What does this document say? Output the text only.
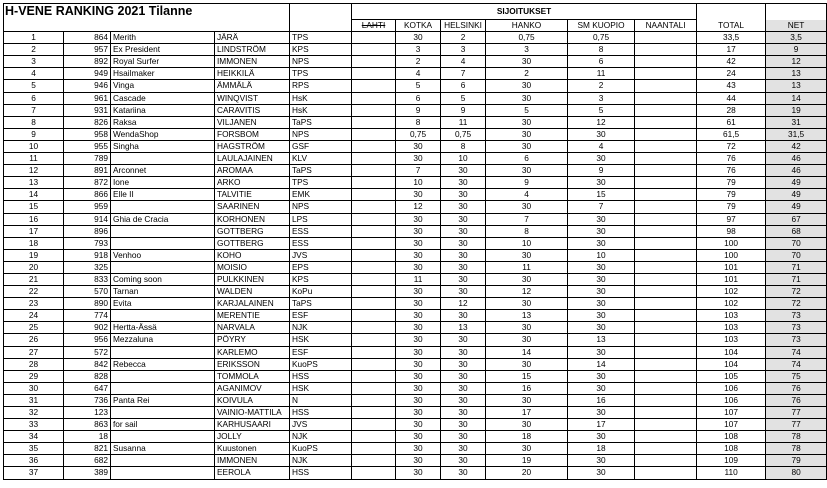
H-VENE RANKING 2021 Tilanne					SIJOITUKSET							
					LAHTI	KOTKA	HELSINKI	HANKO	SM KUOPIO	NAANTALI	TOTAL	NET
1	864	Merith	JÄRÄ	TPS		30	2	0,75	0,75		33,5	3,5
2	957	Ex President	LINDSTRÖM	KPS		3	3	3	8		17	9
3	892	Royal Surfer	IMMONEN	NPS		2	4	30	6		42	12
4	949	Hsailmaker	HEIKKILÄ	TPS		4	7	2	11		24	13
5	946	Vinga	ÄMMÄLÄ	RPS		5	6	30	2		43	13
6	961	Cascade	WINQVIST	HsK		6	5	30	3		44	14
7	931	Katariina	CARAVITIS	HsK		9	9	5	5		28	19
8	826	Raksa	VILJANEN	TaPS		8	11	30	12		61	31
9	958	WendaShop	FORSBOM	NPS		0,75	0,75	30	30		61,5	31,5
10	955	Singha	HAGSTRÖM	GSF		30	8	30	4		72	42
11	789		LAULAJAINEN	KLV		30	10	6	30		76	46
12	891	Arconnet	AROMAA	TaPS		7	30	30	9		76	46
13	872	Ione	ARKO	TPS		10	30	9	30		79	49
14	866	Elle II	TALVITIE	EMK		30	30	4	15		79	49
15	959		SAARINEN	NPS		12	30	30	7		79	49
16	914	Ghia de Cracia	KORHONEN	LPS		30	30	7	30		97	67
17	896		GOTTBERG	ESS		30	30	8	30		98	68
18	793		GOTTBERG	ESS		30	30	10	30		100	70
19	918	Venhoo	KOHO	JVS		30	30	30	10		100	70
20	325		MOISIO	EPS		30	30	11	30		101	71
21	833	Coming soon	PULKKINEN	KPS		11	30	30	30		101	71
22	570	Tarnan	WALDEN	KoPu		30	30	12	30		102	72
23	890	Evita	KARJALAINEN	TaPS		30	12	30	30		102	72
24	774		MERENTIE	ESF		30	30	13	30		103	73
25	902	Hertta-Ässä	NARVALA	NJK		30	13	30	30		103	73
26	956	Mezzaluna	PÖYRY	HSK		30	30	30	13		103	73
27	572		KARLEMO	ESF		30	30	14	30		104	74
28	842	Rebecca	ERIKSSON	KuoPS		30	30	30	14		104	74
29	828		TOMMOLA	HSS		30	30	15	30		105	75
30	647		AGANIMOV	HSK		30	30	16	30		106	76
31	736	Panta Rei	KOIVULA	N		30	30	30	16		106	76
32	123		VAINIO-MATTILA	HSS		30	30	17	30		107	77
33	863	for sail	KARHUSAARI	JVS		30	30	30	17		107	77
34	18		JOLLY	NJK		30	30	18	30		108	78
35	821	Susanna	Kuustonen	KuoPS		30	30	30	18		108	78
36	682		IMMONEN	NJK		30	30	19	30		109	79
37	389		EEROLA	HSS		30	30	20	30		110	80
